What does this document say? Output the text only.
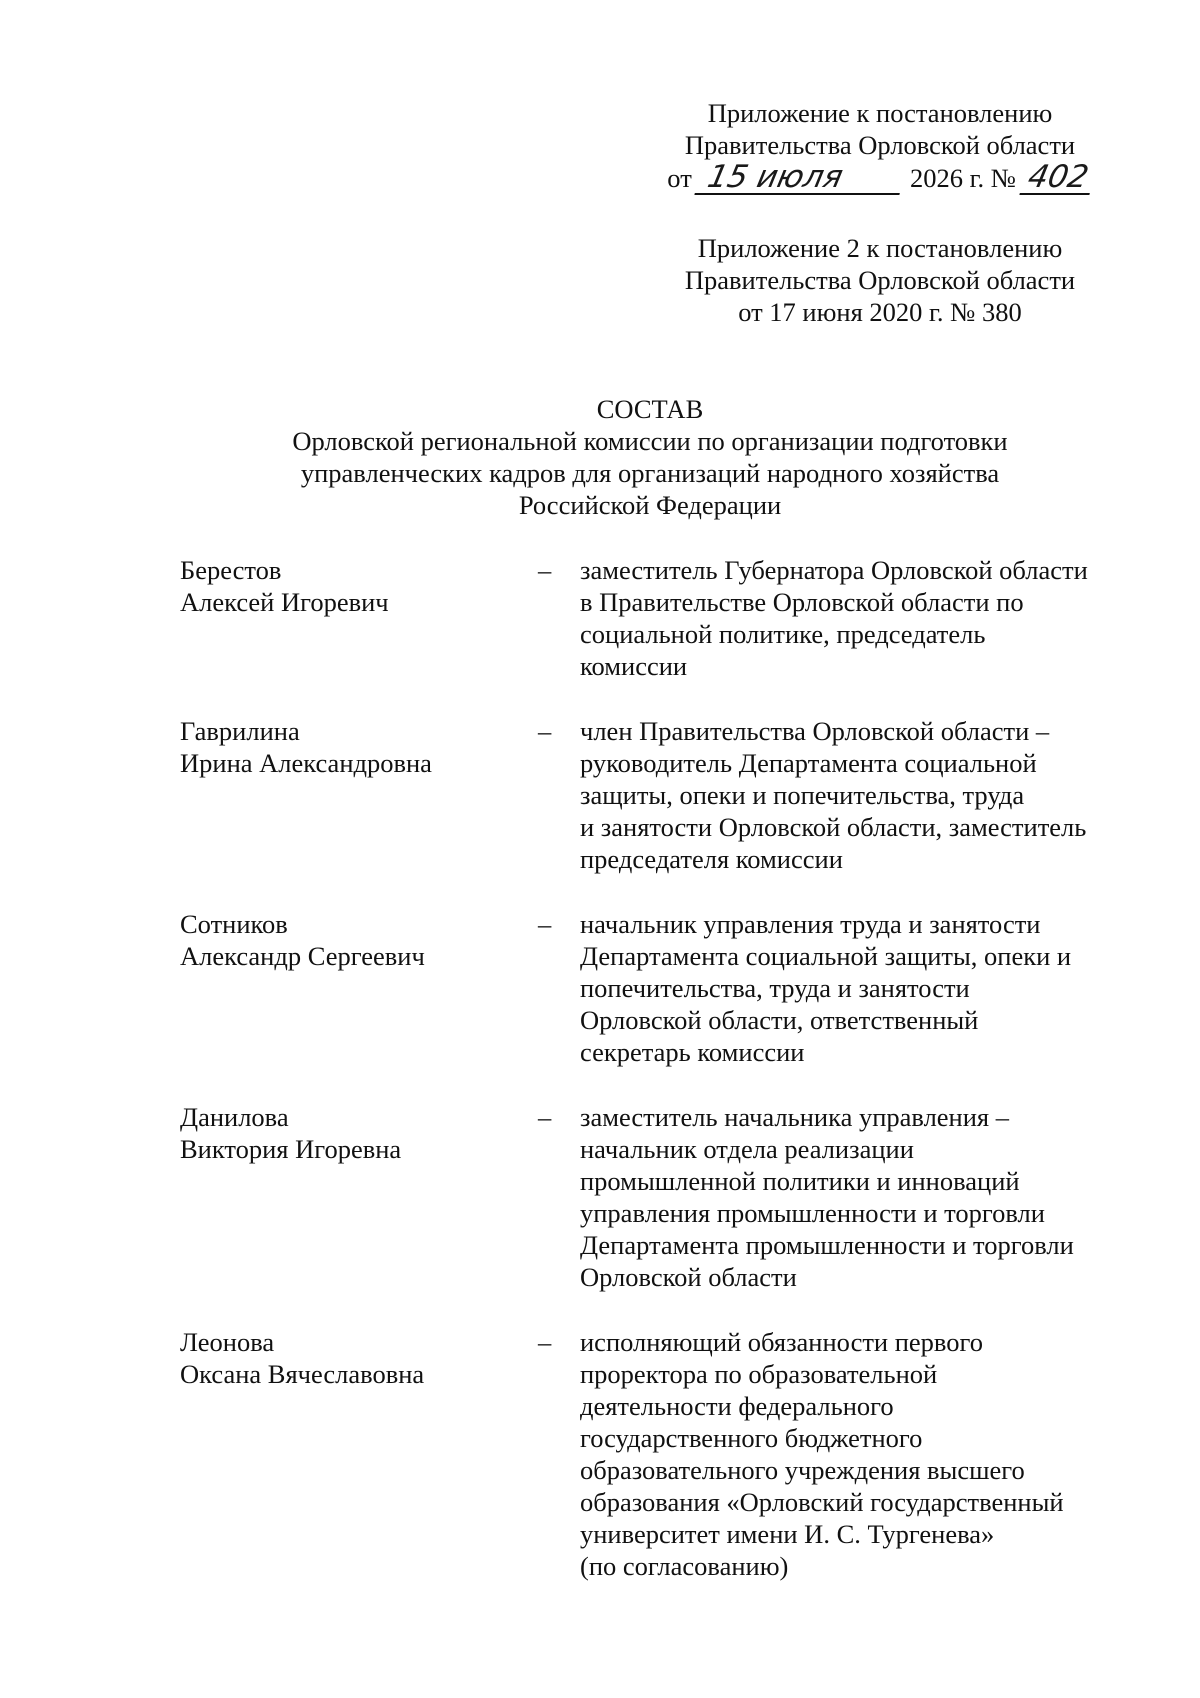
Приложение к постановлению
Правительства Орловской области
от 15 июля 2026 г. № 402
Приложение 2 к постановлению
Правительства Орловской области
от 17 июня 2020 г. № 380
СОСТАВ
Орловской региональной комиссии по организации подготовки
управленческих кадров для организаций народного хозяйства
Российской Федерации
Берестов
Алексей Игоревич
– заместитель Губернатора Орловской области
в Правительстве Орловской области по
социальной политике, председатель
комиссии
Гаврилина
Ирина Александровна
– член Правительства Орловской области –
руководитель Департамента социальной
защиты, опеки и попечительства, труда
и занятости Орловской области, заместитель
председателя комиссии
Сотников
Александр Сергеевич
– начальник управления труда и занятости
Департамента социальной защиты, опеки и
попечительства, труда и занятости
Орловской области, ответственный
секретарь комиссии
Данилова
Виктория Игоревна
– заместитель начальника управления –
начальник отдела реализации
промышленной политики и инноваций
управления промышленности и торговли
Департамента промышленности и торговли
Орловской области
Леонова
Оксана Вячеславовна
– исполняющий обязанности первого
проректора по образовательной
деятельности федерального
государственного бюджетного
образовательного учреждения высшего
образования «Орловский государственный
университет имени И. С. Тургенева»
(по согласованию)
